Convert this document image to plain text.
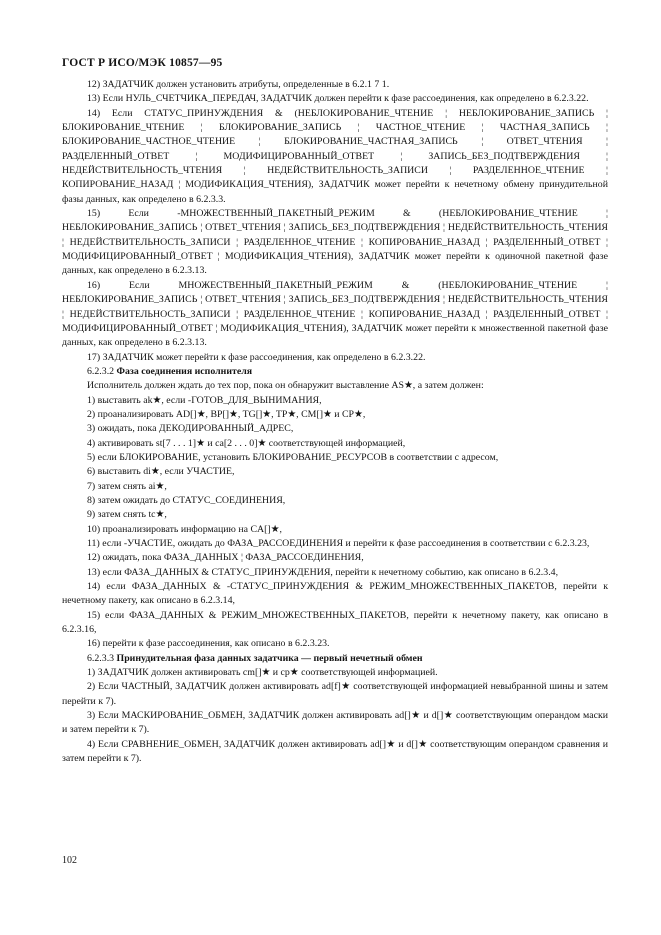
ГОСТ Р ИСО/МЭК 10857—95

12) ЗАДАТЧИК должен установить атрибуты, определенные в 6.2.1 7 1.

13) Если НУЛЬ_СЧЕТЧИКА_ПЕРЕДАЧ, ЗАДАТЧИК должен перейти к фазе рассоединения, как определено в 6.2.3.22.

14) Если СТАТУС_ПРИНУЖДЕНИЯ & (НЕБЛОКИРОВАНИЕ_ЧТЕНИЕ ¦ НЕБЛОКИРОВАНИЕ_ЗАПИСЬ ¦ БЛОКИРОВАНИЕ_ЧТЕНИЕ ¦ БЛОКИРОВАНИЕ_ЗАПИСЬ ¦ ЧАСТНОЕ_ЧТЕНИЕ ¦ ЧАСТНАЯ_ЗАПИСЬ ¦ БЛОКИРОВАНИЕ_ЧАСТНОЕ_ЧТЕНИЕ ¦ БЛОКИРОВАНИЕ_ЧАСТНАЯ_ЗАПИСЬ ¦ ОТВЕТ_ЧТЕНИЯ ¦ РАЗДЕЛЕННЫЙ_ОТВЕТ ¦ МОДИФИЦИРОВАННЫЙ_ОТВЕТ ¦ ЗАПИСЬ_БЕЗ_ПОДТВЕРЖДЕНИЯ ¦ НЕДЕЙСТВИТЕЛЬНОСТЬ_ЧТЕНИЯ ¦ НЕДЕЙСТВИТЕЛЬНОСТЬ_ЗАПИСИ ¦ РАЗДЕЛЕННОЕ_ЧТЕНИЕ ¦ КОПИРОВАНИЕ_НАЗАД ¦ МОДИФИКАЦИЯ_ЧТЕНИЯ), ЗАДАТЧИК может перейти к нечетному обмену принудительной фазы данных, как определено в 6.2.3.3.

15) Если -МНОЖЕСТВЕННЫЙ_ПАКЕТНЫЙ_РЕЖИМ & (НЕБЛОКИРОВАНИЕ_ЧТЕНИЕ ¦ НЕБЛОКИРОВАНИЕ_ЗАПИСЬ ¦ ОТВЕТ_ЧТЕНИЯ ¦ ЗАПИСЬ_БЕЗ_ПОДТВЕРЖДЕНИЯ ¦ НЕДЕЙСТВИТЕЛЬНОСТЬ_ЧТЕНИЯ ¦ НЕДЕЙСТВИТЕЛЬНОСТЬ_ЗАПИСИ ¦ РАЗДЕЛЕННОЕ_ЧТЕНИЕ ¦ КОПИРОВАНИЕ_НАЗАД ¦ РАЗДЕЛЕННЫЙ_ОТВЕТ ¦ МОДИФИЦИРОВАННЫЙ_ОТВЕТ ¦ МОДИФИКАЦИЯ_ЧТЕНИЯ), ЗАДАТЧИК может перейти к одиночной пакетной фазе данных, как определено в 6.2.3.13.

16) Если МНОЖЕСТВЕННЫЙ_ПАКЕТНЫЙ_РЕЖИМ & (НЕБЛОКИРОВАНИЕ_ЧТЕНИЕ ¦ НЕБЛОКИРОВАНИЕ_ЗАПИСЬ ¦ ОТВЕТ_ЧТЕНИЯ ¦ ЗАПИСЬ_БЕЗ_ПОДТВЕРЖДЕНИЯ ¦ НЕДЕЙСТВИТЕЛЬНОСТЬ_ЧТЕНИЯ ¦ НЕДЕЙСТВИТЕЛЬНОСТЬ_ЗАПИСИ ¦ РАЗДЕЛЕННОЕ_ЧТЕНИЕ ¦ КОПИРОВАНИЕ_НАЗАД ¦ РАЗДЕЛЕННЫЙ_ОТВЕТ ¦ МОДИФИЦИРОВАННЫЙ_ОТВЕТ ¦ МОДИФИКАЦИЯ_ЧТЕНИЯ), ЗАДАТЧИК может перейти к множественной пакетной фазе данных, как определено в 6.2.3.13.

17) ЗАДАТЧИК может перейти к фазе рассоединения, как определено в 6.2.3.22.

6.2.3.2 Фаза соединения исполнителя

Исполнитель должен ждать до тех пор, пока он обнаружит выставление AS★, а затем должен:

1) выставить ak★, если -ГОТОВ_ДЛЯ_ВЫНИМАНИЯ,

2) проанализировать AD[]★, BP[]★, TG[]★, TP★, CM[]★ и CP★,

3) ожидать, пока ДЕКОДИРОВАННЫЙ_АДРЕС,

4) активировать st[7 . . . 1]★ и ca[2 . . . 0]★ соответствующей информацией,

5) если БЛОКИРОВАНИЕ, установить БЛОКИРОВАНИЕ_РЕСУРСОВ в соответствии с адресом,

6) выставить di★, если УЧАСТИЕ,

7) затем снять ai★,

8) затем ожидать до СТАТУС_СОЕДИНЕНИЯ,

9) затем снять tc★,

10) проанализировать информацию на CA[]★,

11) если -УЧАСТИЕ, ожидать до ФАЗА_РАССОЕДИНЕНИЯ и перейти к фазе рассоединения в соответствии с 6.2.3.23,

12) ожидать, пока ФАЗА_ДАННЫХ ¦ ФАЗА_РАССОЕДИНЕНИЯ,

13) если ФАЗА_ДАННЫХ & СТАТУС_ПРИНУЖДЕНИЯ, перейти к нечетному событию, как описано в 6.2.3.4,

14) если ФАЗА_ДАННЫХ & -СТАТУС_ПРИНУЖДЕНИЯ & РЕЖИМ_МНОЖЕСТВЕННЫХ_ПАКЕТОВ, перейти к нечетному пакету, как описано в 6.2.3.14,

15) если ФАЗА_ДАННЫХ & РЕЖИМ_МНОЖЕСТВЕННЫХ_ПАКЕТОВ, перейти к нечетному пакету, как описано в 6.2.3.16,

16) перейти к фазе рассоединения, как описано в 6.2.3.23.

6.2.3.3 Принудительная фаза данных задатчика — первый нечетный обмен

1) ЗАДАТЧИК должен активировать cm[]★ и cp★ соответствующей информацией.

2) Если ЧАСТНЫЙ, ЗАДАТЧИК должен активировать ad[f]★ соответствующей информацией невыбранной шины и затем перейти к 7).

3) Если МАСКИРОВАНИЕ_ОБМЕН, ЗАДАТЧИК должен активировать ad[]★ и d[]★ соответствующим операндом маски и затем перейти к 7).

4) Если СРАВНЕНИЕ_ОБМЕН, ЗАДАТЧИК должен активировать ad[]★ и d[]★ соответствующим операндом сравнения и затем перейти к 7).

102
